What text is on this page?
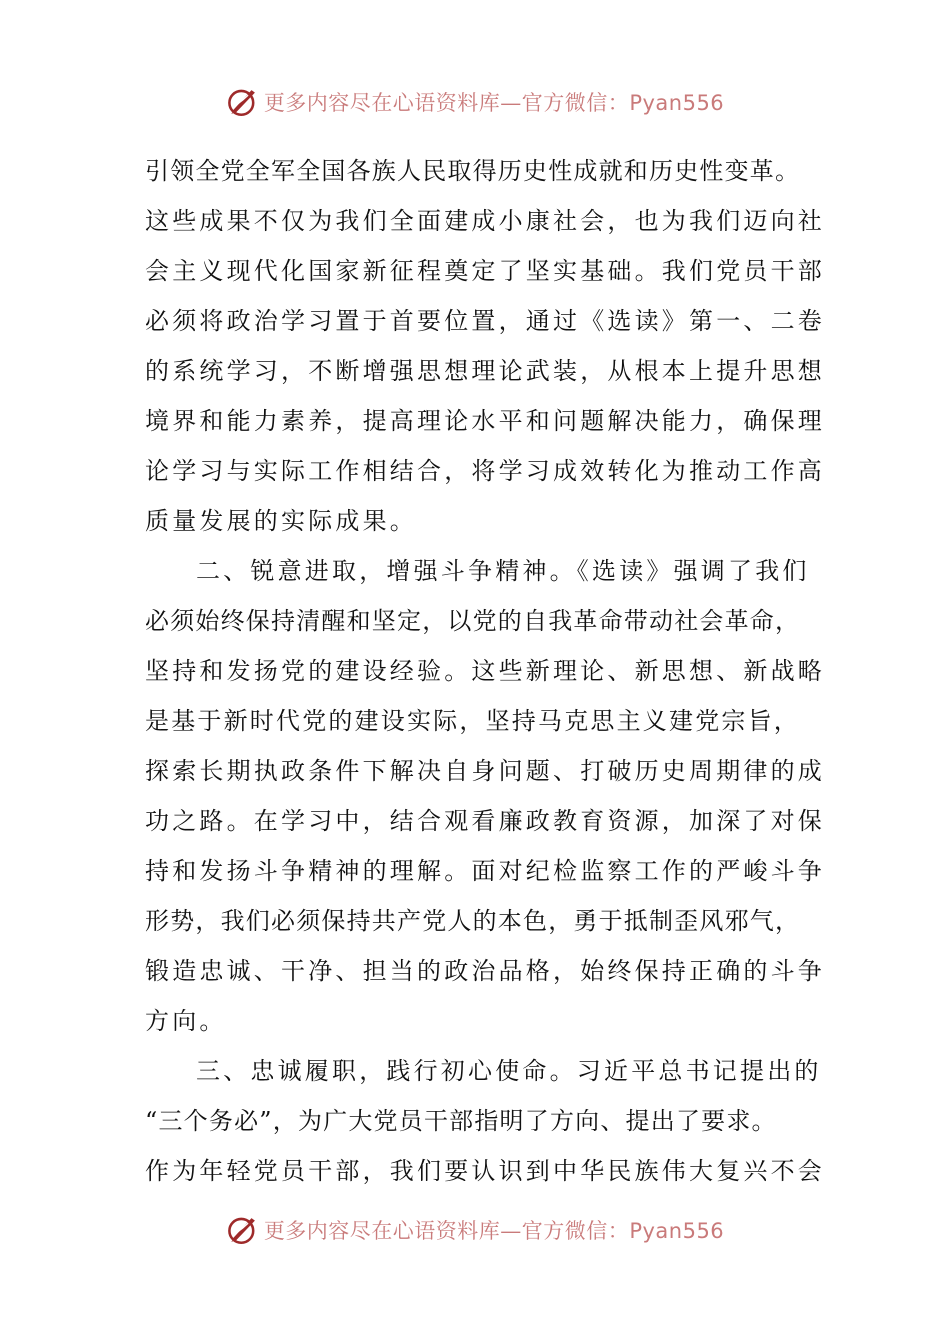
更多内容尽在心语资料库—官方微信：Pyan556
引领全党全军全国各族人民取得历史性成就和历史性变革。
这些成果不仅为我们全面建成小康社会，也为我们迈向社
会主义现代化国家新征程奠定了坚实基础。我们党员干部
必须将政治学习置于首要位置，通过《选读》第一、二卷
的系统学习，不断增强思想理论武装，从根本上提升思想
境界和能力素养，提高理论水平和问题解决能力，确保理
论学习与实际工作相结合，将学习成效转化为推动工作高
质量发展的实际成果。
二、锐意进取，增强斗争精神。《选读》强调了我们
必须始终保持清醒和坚定，以党的自我革命带动社会革命，
坚持和发扬党的建设经验。这些新理论、新思想、新战略
是基于新时代党的建设实际，坚持马克思主义建党宗旨，
探索长期执政条件下解决自身问题、打破历史周期律的成
功之路。在学习中，结合观看廉政教育资源，加深了对保
持和发扬斗争精神的理解。面对纪检监察工作的严峻斗争
形势，我们必须保持共产党人的本色，勇于抵制歪风邪气，
锻造忠诚、干净、担当的政治品格，始终保持正确的斗争
方向。
三、忠诚履职，践行初心使命。习近平总书记提出的
“三个务必”，为广大党员干部指明了方向、提出了要求。
作为年轻党员干部，我们要认识到中华民族伟大复兴不会
更多内容尽在心语资料库—官方微信：Pyan556
